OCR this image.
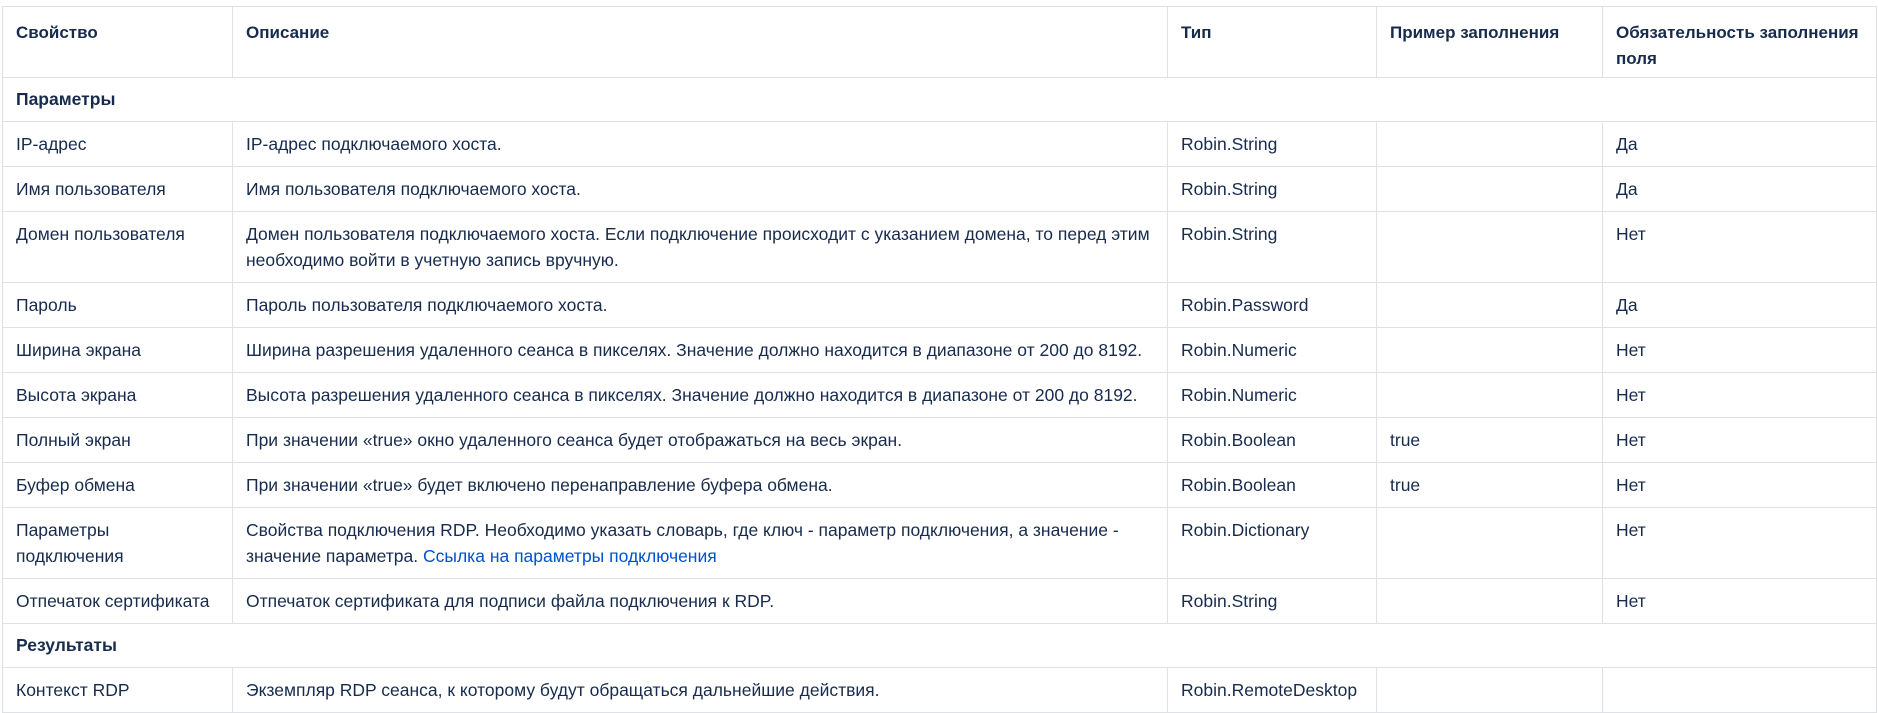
Свойство	Описание	Тип	Пример заполнения	Обязательность заполнения поля
Параметры				
IP-адрес	IP-адрес подключаемого хоста.	Robin.String		Да
Имя пользователя	Имя пользователя подключаемого хоста.	Robin.String		Да
Домен пользователя	Домен пользователя подключаемого хоста. Если подключение происходит с указанием домена, то перед этим необходимо войти в учетную запись вручную.	Robin.String		Нет
Пароль	Пароль пользователя подключаемого хоста.	Robin.Password		Да
Ширина экрана	Ширина разрешения удаленного сеанса в пикселях. Значение должно находится в диапазоне от 200 до 8192.	Robin.Numeric		Нет
Высота экрана	Высота разрешения удаленного сеанса в пикселях. Значение должно находится в диапазоне от 200 до 8192.	Robin.Numeric		Нет
Полный экран	При значении «true» окно удаленного сеанса будет отображаться на весь экран.	Robin.Boolean	true	Нет
Буфер обмена	При значении «true» будет включено перенаправление буфера обмена.	Robin.Boolean	true	Нет
Параметры подключения	Свойства подключения RDP. Необходимо указать словарь, где ключ - параметр подключения, а значение - значение параметра. Ссылка на параметры подключения	Robin.Dictionary		Нет
Отпечаток сертификата	Отпечаток сертификата для подписи файла подключения к RDP.	Robin.String		Нет
Результаты				
Контекст RDP	Экземпляр RDP сеанса, к которому будут обращаться дальнейшие действия.	Robin.RemoteDesktop		
